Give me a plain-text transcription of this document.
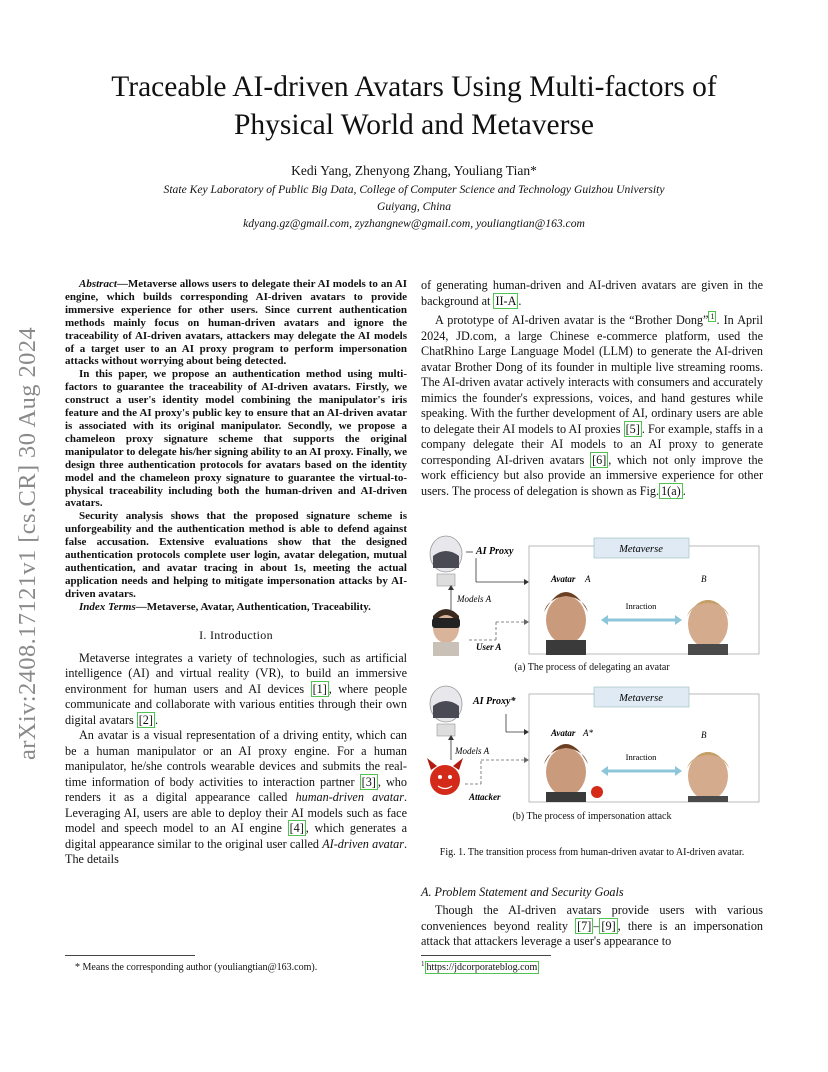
arXiv:2408.17121v1 [cs.CR] 30 Aug 2024
Traceable AI-driven Avatars Using Multi-factors of
Physical World and Metaverse
Kedi Yang, Zhenyong Zhang, Youliang Tian*
State Key Laboratory of Public Big Data, College of Computer Science and Technology Guizhou University
Guiyang, China
kdyang.gz@gmail.com, zyzhangnew@gmail.com, youliangtian@163.com

Abstract—Metaverse allows users to delegate their AI models to an AI engine, which builds corresponding AI-driven avatars to provide immersive experience for other users. Since current authentication methods mainly focus on human-driven avatars and ignore the traceability of AI-driven avatars, attackers may delegate the AI models of a target user to an AI proxy program to perform impersonation attacks without worrying about being detected.

In this paper, we propose an authentication method using multi-factors to guarantee the traceability of AI-driven avatars. Firstly, we construct a user's identity model combining the manipulator's iris feature and the AI proxy's public key to ensure that an AI-driven avatar is associated with its original manipulator. Secondly, we propose a chameleon proxy signature scheme that supports the original manipulator to delegate his/her signing ability to an AI proxy. Finally, we design three authentication protocols for avatars based on the identity model and the chameleon proxy signature to guarantee the virtual-to-physical traceability including both the human-driven and AI-driven avatars.

Security analysis shows that the proposed signature scheme is unforgeability and the authentication method is able to defend against false accusation. Extensive evaluations show that the designed authentication protocols complete user login, avatar delegation, mutual authentication, and avatar tracing in about 1s, meeting the actual application needs and helping to mitigate impersonation attacks by AI-driven avatars.

Index Terms—Metaverse, Avatar, Authentication, Traceability.

I. Introduction

Metaverse integrates a variety of technologies, such as artificial intelligence (AI) and virtual reality (VR), to build an immersive environment for human users and AI devices [1] , where people communicate and collaborate with various entities through their own digital avatars [2] .

An avatar is a visual representation of a driving entity, which can be a human manipulator or an AI proxy engine. For a human manipulator, he/she controls wearable devices and submits the real-time information of body activities to interaction partner [3] , who renders it as a digital appearance called human-driven avatar. Leveraging AI, users are able to deploy their AI models such as face model and speech model to an AI engine [4] , which generates a digital appearance similar to the original user called AI-driven avatar. The details

of generating human-driven and AI-driven avatars are given in the background at II-A .

A prototype of AI-driven avatar is the “Brother Dong” $^1$ . In April 2024, JD.com, a large Chinese e-commerce platform, used the ChatRhino Large Language Model (LLM) to generate the AI-driven avatar Brother Dong of its founder in multiple live streaming rooms. The AI-driven avatar actively interacts with consumers and accurately mimics the founder's expressions, voices, and hand gestures while speaking. With the further development of AI, ordinary users are able to delegate their AI models to AI proxies [5] . For example, staffs in a company delegate their AI models to an AI proxy to generate corresponding AI-driven avatars [6] , which not only improve the work efficiency but also provide an immersive experience for other users. The process of delegation is shown as Fig. 1(a) .

AI Proxy	Metaverse
Avatar A	B
Inraction
Models A
User A
(a) The process of delegating an avatar
AI Proxy*	Metaverse
Avatar A*	B
Inraction
Models A
Attacker
(b) The process of impersonation attack
Fig. 1. The transition process from human-driven avatar to AI-driven avatar.
A. Problem Statement and Security Goals

Though the AI-driven avatars provide users with various conveniences beyond reality [7] – [9] , there is an impersonation attack that attackers leverage a user's appearance to

* Means the corresponding author (youliangtian@163.com).	$^1$ https://jdcorporateblog.com
